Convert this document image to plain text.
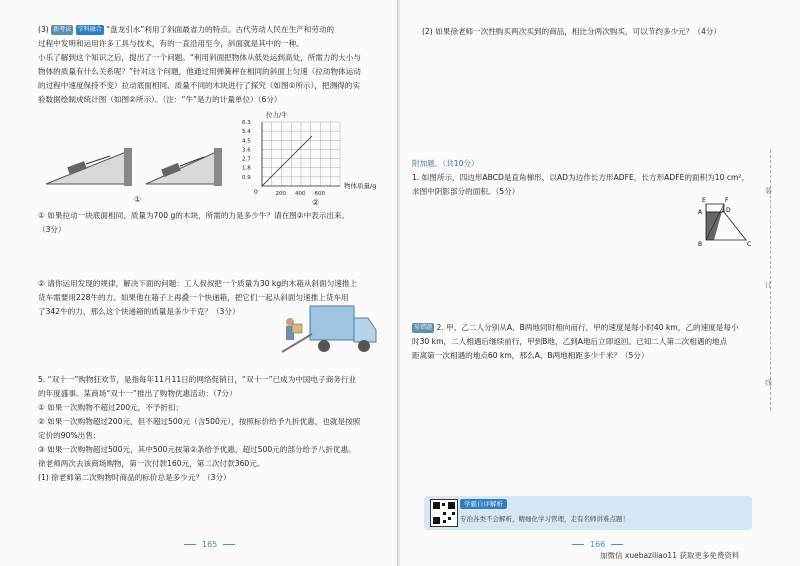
(3) 新考法 学科融合 “盘龙引水”利用了斜面最省力的特点。古代劳动人民在生产和劳动的
过程中发明和运用许多工具与技术，有的一直沿用至今，斜面就是其中的一种。
小乐了解到这个知识之后，提出了一个问题。“利用斜面把物体从低处运到高处，所需力的大小与
物体的质量有什么关系呢？”针对这个问题，他通过用弹簧秤在相同的斜面上匀速（拉动物体运动
的过程中速度保持不变）拉动底面相同、质量不同的木块进行了探究（如图①所示），把测得的实
验数据绘制成统计图（如图②所示）。（注：“牛”是力的计量单位）（6分）
①
拉力/牛
6.3
5.4
4.5
3.6
2.7
1.8
0.9
0	200 400 600
物体质量/g
②
① 如果拉动一块底面相同、质量为700 g的木块，所需的力是多少牛？请在图②中表示出来。
（3分）
② 请你运用发现的规律，解决下面的问题：工人叔叔把一个质量为30 kg的木箱从斜面匀速推上
货车需要用228牛的力。如果他在箱子上再叠一个快递箱，把它们一起从斜面匀速推上货车用
了342牛的力，那么这个快递箱的质量是多少千克？（3分）
5. “双十一”购物狂欢节，是指每年11月11日的网络促销日，“双十一”已成为中国电子商务行业
的年度盛事。某商场“双十一”推出了购物优惠活动：（7分）
① 如果一次购物不超过200元，不予折扣；
② 如果一次购物超过200元，但不超过500元（含500元），按照标价给予九折优惠，也就是按照
定价的90%出售；
③ 如果一次购物超过500元，其中500元按第②条给予优惠，超过500元的部分给予八折优惠。
徐老师两次去该商场购物，第一次付款160元，第二次付款360元。
(1) 徐老师第二次购物时商品的标价总是多少元？（3分）
165
(2) 如果徐老师一次性购买两次买到的商品，相比分两次购买，可以节约多少元？（4分）
附加题。（共10分）
1. 如图所示，四边形ABCD是直角梯形，以AD为边作长方形ADFE，长方形ADFE的面积为10 cm²，
求图中阴影部分的面积。（5分）
E	F
D
A
B	C
易错题 2. 甲、乙二人分别从A、B两地同时相向而行，甲的速度是每小时40 km，乙的速度是每小
时30 km，二人相遇后继续前行，甲到B地，乙到A地后立即返回。已知二人第二次相遇的地点
距离第一次相遇的地点60 km，那么A、B两地相距多少千米？（5分）
学霸自评解析
专治各类不会解析，精细化学习管理，走有名师讲难点题！
166
加微信 xuebaziliao11 获取更多免费资料
装
订
线
